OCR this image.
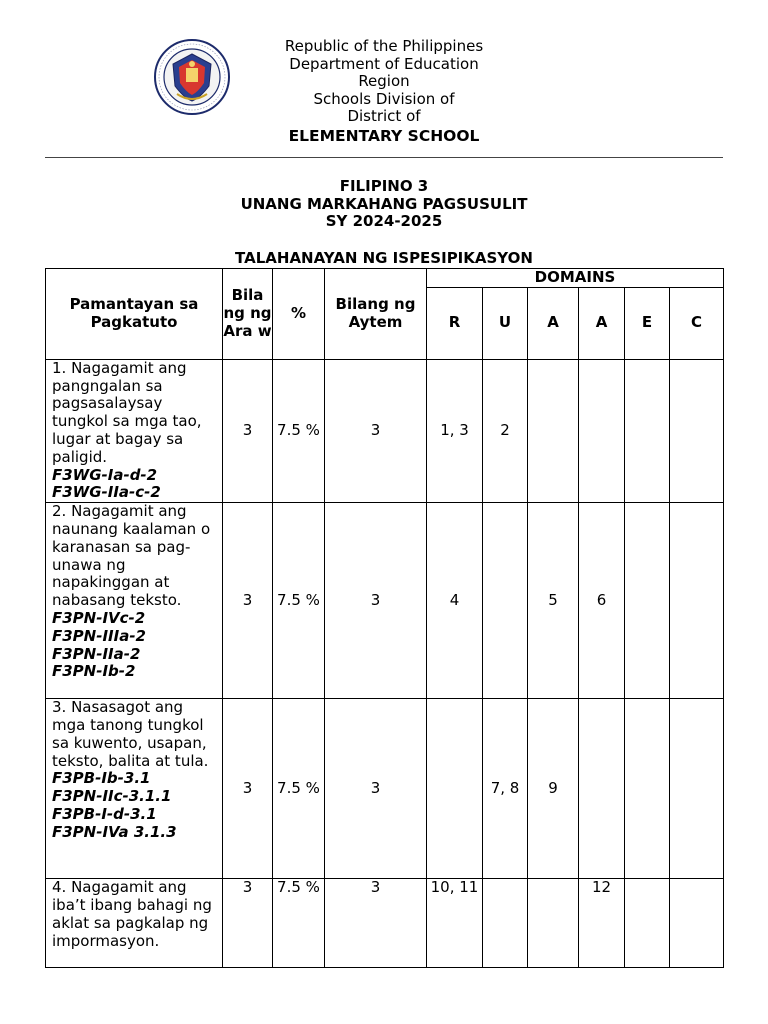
Republic of the Philippines
Department of Education
Region
Schools Division of
District of
ELEMENTARY SCHOOL
FILIPINO 3
UNANG MARKAHANG PAGSUSULIT
SY 2024-2025
TALAHANAYAN NG ISPESIPIKASYON
Pamantayan sa Pagkatuto	Bila ng ng Ara w	%	Bilang ng Aytem	DOMAINS					
				R	U	A	A	E	C
1. Nagagamit ang pangngalan sa pagsasalaysay tungkol sa mga tao, lugar at bagay sa paligid.
F3WG-Ia-d-2
F3WG-IIa-c-2	3	7.5 %	3	1, 3	2				
2. Nagagamit ang naunang kaalaman o karanasan sa pag-unawa ng napakinggan at nabasang teksto.
F3PN-IVc-2
F3PN-IIIa-2
F3PN-IIa-2
F3PN-Ib-2	3	7.5 %	3	4		5	6		
3. Nasasagot ang mga tanong tungkol sa kuwento, usapan, teksto, balita at tula. F3PB-Ib-3.1
F3PN-IIc-3.1.1
F3PB-I-d-3.1
F3PN-IVa 3.1.3	3	7.5 %	3		7, 8	9			
4. Nagagamit ang iba’t ibang bahagi ng aklat sa pagkalap ng impormasyon.	3	7.5 %	3	10, 11			12		
